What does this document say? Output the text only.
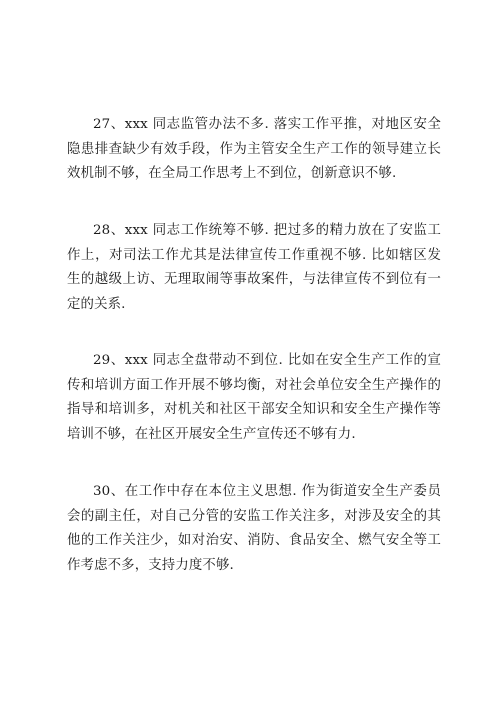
27、xxx 同志监管办法不多. 落实工作平推，对地区安全隐患排查缺少有效手段，作为主管安全生产工作的领导建立长效机制不够，在全局工作思考上不到位，创新意识不够.

28、xxx 同志工作统筹不够. 把过多的精力放在了安监工作上，对司法工作尤其是法律宣传工作重视不够. 比如辖区发生的越级上访、无理取闹等事故案件，与法律宣传不到位有一定的关系.

29、xxx 同志全盘带动不到位. 比如在安全生产工作的宣传和培训方面工作开展不够均衡，对社会单位安全生产操作的指导和培训多，对机关和社区干部安全知识和安全生产操作等培训不够，在社区开展安全生产宣传还不够有力.

30、在工作中存在本位主义思想. 作为街道安全生产委员会的副主任，对自己分管的安监工作关注多，对涉及安全的其他的工作关注少，如对治安、消防、食品安全、燃气安全等工作考虑不多，支持力度不够.
